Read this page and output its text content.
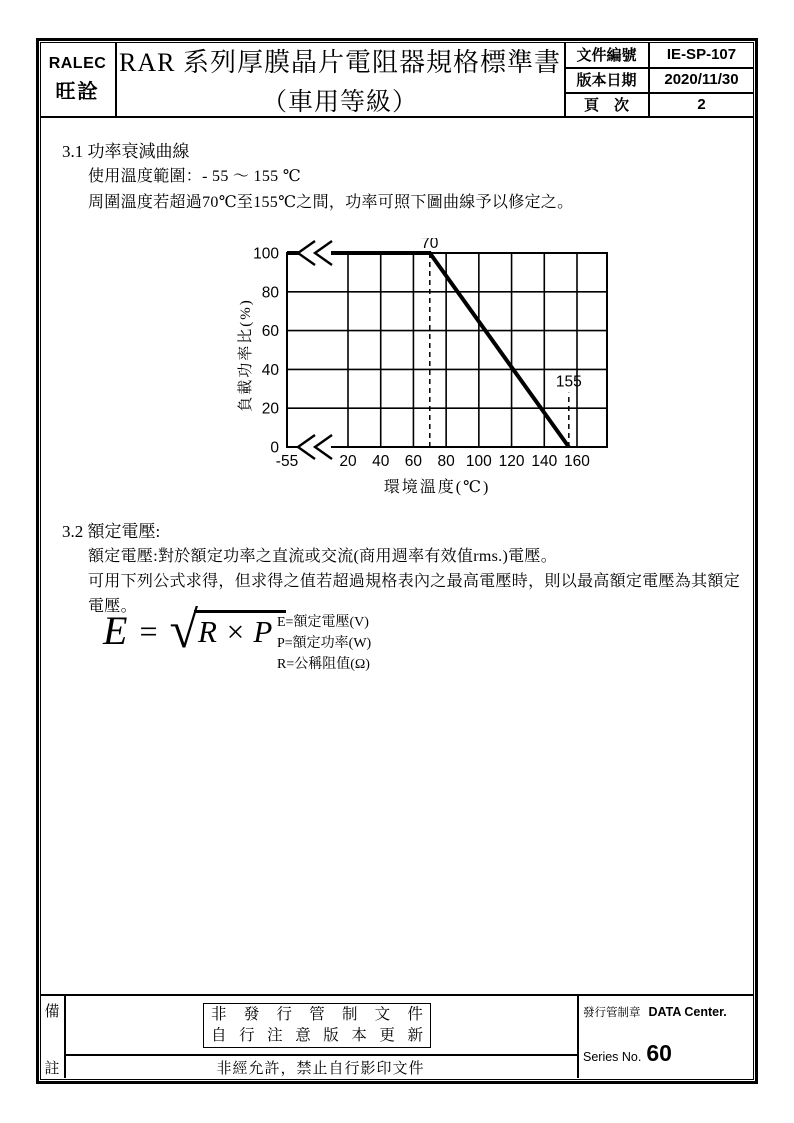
RALEC
旺詮
RAR 系列厚膜晶片電阻器規格標準書
（車用等級）
文件編號	IE-SP-107
版本日期	2020/11/30
頁　次	2
3.1 功率衰減曲線
使用溫度範圍：- 55 ～ 155 ℃
周圍溫度若超過70℃至155℃之間，功率可照下圖曲線予以修定之。
70
155
-55	20 40 60 80 100 120 140 160
0
20
40
60
80
100
環境溫度(℃)
負載功率比(%)
3.2 額定電壓:
額定電壓:對於額定功率之直流或交流(商用週率有效值rms.)電壓。
可用下列公式求得，但求得之值若超過規格表內之最高電壓時，則以最高額定電壓為其額定
電壓。
E = √ R × P E=額定電壓(V)
P=額定功率(W)
R=公稱阻值(Ω)
備
註
非 發 行 管 制 文 件
自 行 注 意 版 本 更 新
非經允許，禁止自行影印文件
發行管制章 DATA Center.
Series No. 60
